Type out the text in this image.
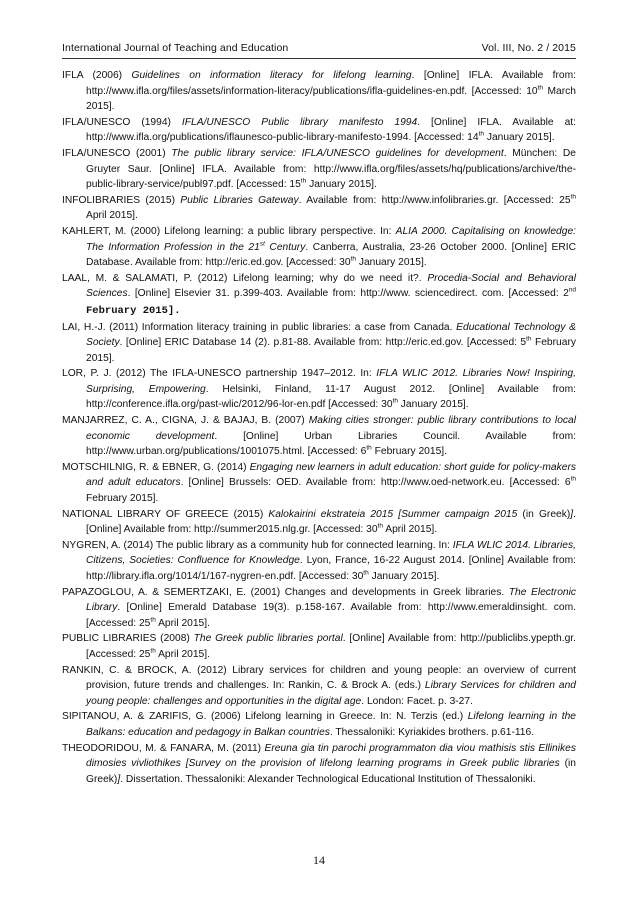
International Journal of Teaching and Education	Vol. III, No. 2 / 2015

IFLA (2006) Guidelines on information literacy for lifelong learning. [Online] IFLA. Available from: http://www.ifla.org/files/assets/information-literacy/publications/ifla-guidelines-en.pdf. [Accessed: 10th March 2015].

IFLA/UNESCO (1994) IFLA/UNESCO Public library manifesto 1994. [Online] IFLA. Available at: http://www.ifla.org/publications/iflaunesco-public-library-manifesto-1994. [Accessed: 14th January 2015].

IFLA/UNESCO (2001) The public library service: IFLA/UNESCO guidelines for development. München: De Gruyter Saur. [Online] IFLA. Available from: http://www.ifla.org/files/assets/hq/publications/archive/the-public-library-service/publ97.pdf. [Accessed: 15th January 2015].

INFOLIBRARIES (2015) Public Libraries Gateway. Available from: http://www.infolibraries.gr. [Accessed: 25th April 2015].

KAHLERT, M. (2000) Lifelong learning: a public library perspective. In: ALIA 2000. Capitalising on knowledge: The Information Profession in the 21st Century. Canberra, Australia, 23-26 October 2000. [Online] ERIC Database. Available from: http://eric.ed.gov. [Accessed: 30th January 2015].

LAAL, M. & SALAMATI, P. (2012) Lifelong learning; why do we need it?. Procedia-Social and Behavioral Sciences. [Online] Elsevier 31. p.399-403. Available from: http://www. sciencedirect. com. [Accessed: 2nd February 2015].

LAI, H.-J. (2011) Information literacy training in public libraries: a case from Canada. Educational Technology & Society. [Online] ERIC Database 14 (2). p.81-88. Available from: http://eric.ed.gov. [Accessed: 5th February 2015].

LOR, P. J. (2012) The IFLA-UNESCO partnership 1947–2012. In: IFLA WLIC 2012. Libraries Now! Inspiring, Surprising, Empowering. Helsinki, Finland, 11-17 August 2012. [Online] Available from: http://conference.ifla.org/past-wlic/2012/96-lor-en.pdf [Accessed: 30th January 2015].

MANJARREZ, C. A., CIGNA, J. & BAJAJ, B. (2007) Making cities stronger: public library contributions to local economic development. [Online] Urban Libraries Council. Available from: http://www.urban.org/publications/1001075.html. [Accessed: 6th February 2015].

MOTSCHILNIG, R. & EBNER, G. (2014) Engaging new learners in adult education: short guide for policy-makers and adult educators. [Online] Brussels: OED. Available from: http://www.oed-network.eu. [Accessed: 6th February 2015].

NATIONAL LIBRARY OF GREECE (2015) Kalokairini ekstrateia 2015 [Summer campaign 2015 (in Greek)]. [Online] Available from: http://summer2015.nlg.gr. [Accessed: 30th April 2015].

NYGREN, A. (2014) The public library as a community hub for connected learning. In: IFLA WLIC 2014. Libraries, Citizens, Societies: Confluence for Knowledge. Lyon, France, 16-22 August 2014. [Online] Available from: http://library.ifla.org/1014/1/167-nygren-en.pdf. [Accessed: 30th January 2015].

PAPAZOGLOU, A. & SEMERTZAKI, E. (2001) Changes and developments in Greek libraries. The Electronic Library. [Online] Emerald Database 19(3). p.158-167. Available from: http://www.emeraldinsight. com. [Accessed: 25th April 2015].

PUBLIC LIBRARIES (2008) The Greek public libraries portal. [Online] Available from: http://publiclibs.ypepth.gr. [Accessed: 25th April 2015].

RANKIN, C. & BROCK, A. (2012) Library services for children and young people: an overview of current provision, future trends and challenges. In: Rankin, C. & Brock A. (eds.) Library Services for children and young people: challenges and opportunities in the digital age. London: Facet. p. 3-27.

SIPITANOU, A. & ZARIFIS, G. (2006) Lifelong learning in Greece. In: N. Terzis (ed.) Lifelong learning in the Balkans: education and pedagogy in Balkan countries. Thessaloniki: Kyriakides brothers. p.61-116.

THEODORIDOU, M. & FANARA, M. (2011) Ereuna gia tin parochi programmaton dia viou mathisis stis Ellinikes dimosies vivliothikes [Survey on the provision of lifelong learning programs in Greek public libraries (in Greek)]. Dissertation. Thessaloniki: Alexander Technological Educational Institution of Thessaloniki.

14
